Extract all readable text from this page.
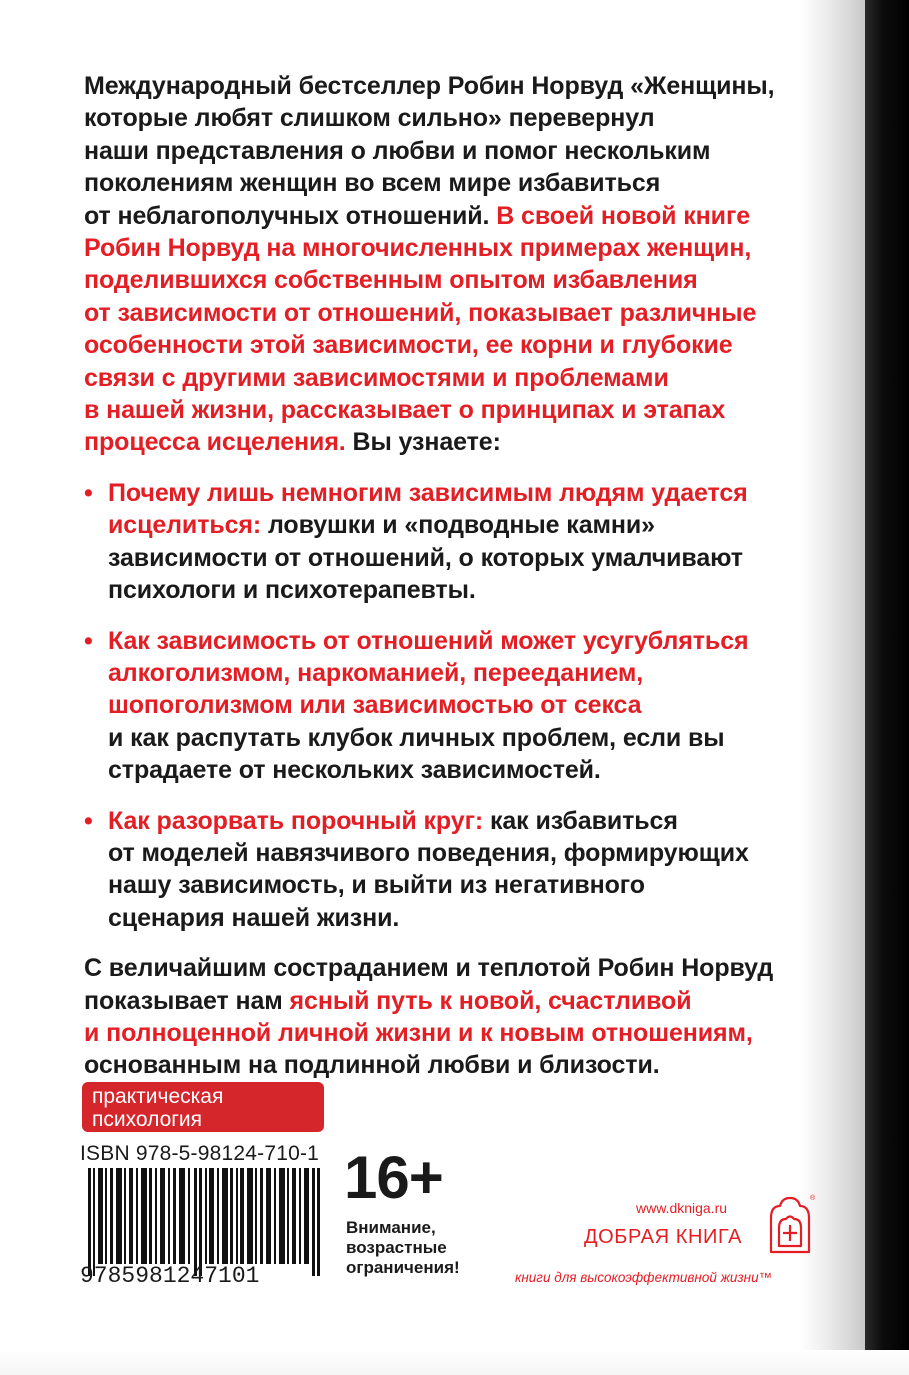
Международный бестселлер Робин Норвуд «Женщины,

которые любят слишком сильно» перевернул

наши представления о любви и помог нескольким

поколениям женщин во всем мире избавиться

от неблагополучных отношений. В своей новой книге

Робин Норвуд на многочисленных примерах женщин,

поделившихся собственным опытом избавления

от зависимости от отношений, показывает различные

особенности этой зависимости, ее корни и глубокие

связи с другими зависимостями и проблемами

в нашей жизни, рассказывает о принципах и этапах

процесса исцеления. Вы узнаете:

• Почему лишь немногим зависимым людям удается

исцелиться: ловушки и «подводные камни»

зависимости от отношений, о которых умалчивают

психологи и психотерапевты.

• Как зависимость от отношений может усугубляться

алкоголизмом, наркоманией, перееданием,

шопоголизмом или зависимостью от секса

и как распутать клубок личных проблем, если вы

страдаете от нескольких зависимостей.

• Как разорвать порочный круг: как избавиться

от моделей навязчивого поведения, формирующих

нашу зависимость, и выйти из негативного

сценария нашей жизни.

С величайшим состраданием и теплотой Робин Норвуд

показывает нам ясный путь к новой, счастливой

и полноценной личной жизни и к новым отношениям,

основанным на подлинной любви и близости.

практическая
психология
ISBN 978-5-98124-710-1
9785981247101
16+
Внимание,
возрастные
ограничения!
www.dkniga.ru
ДОБРАЯ КНИГА
®
книги для высокоэффективной жизни™
